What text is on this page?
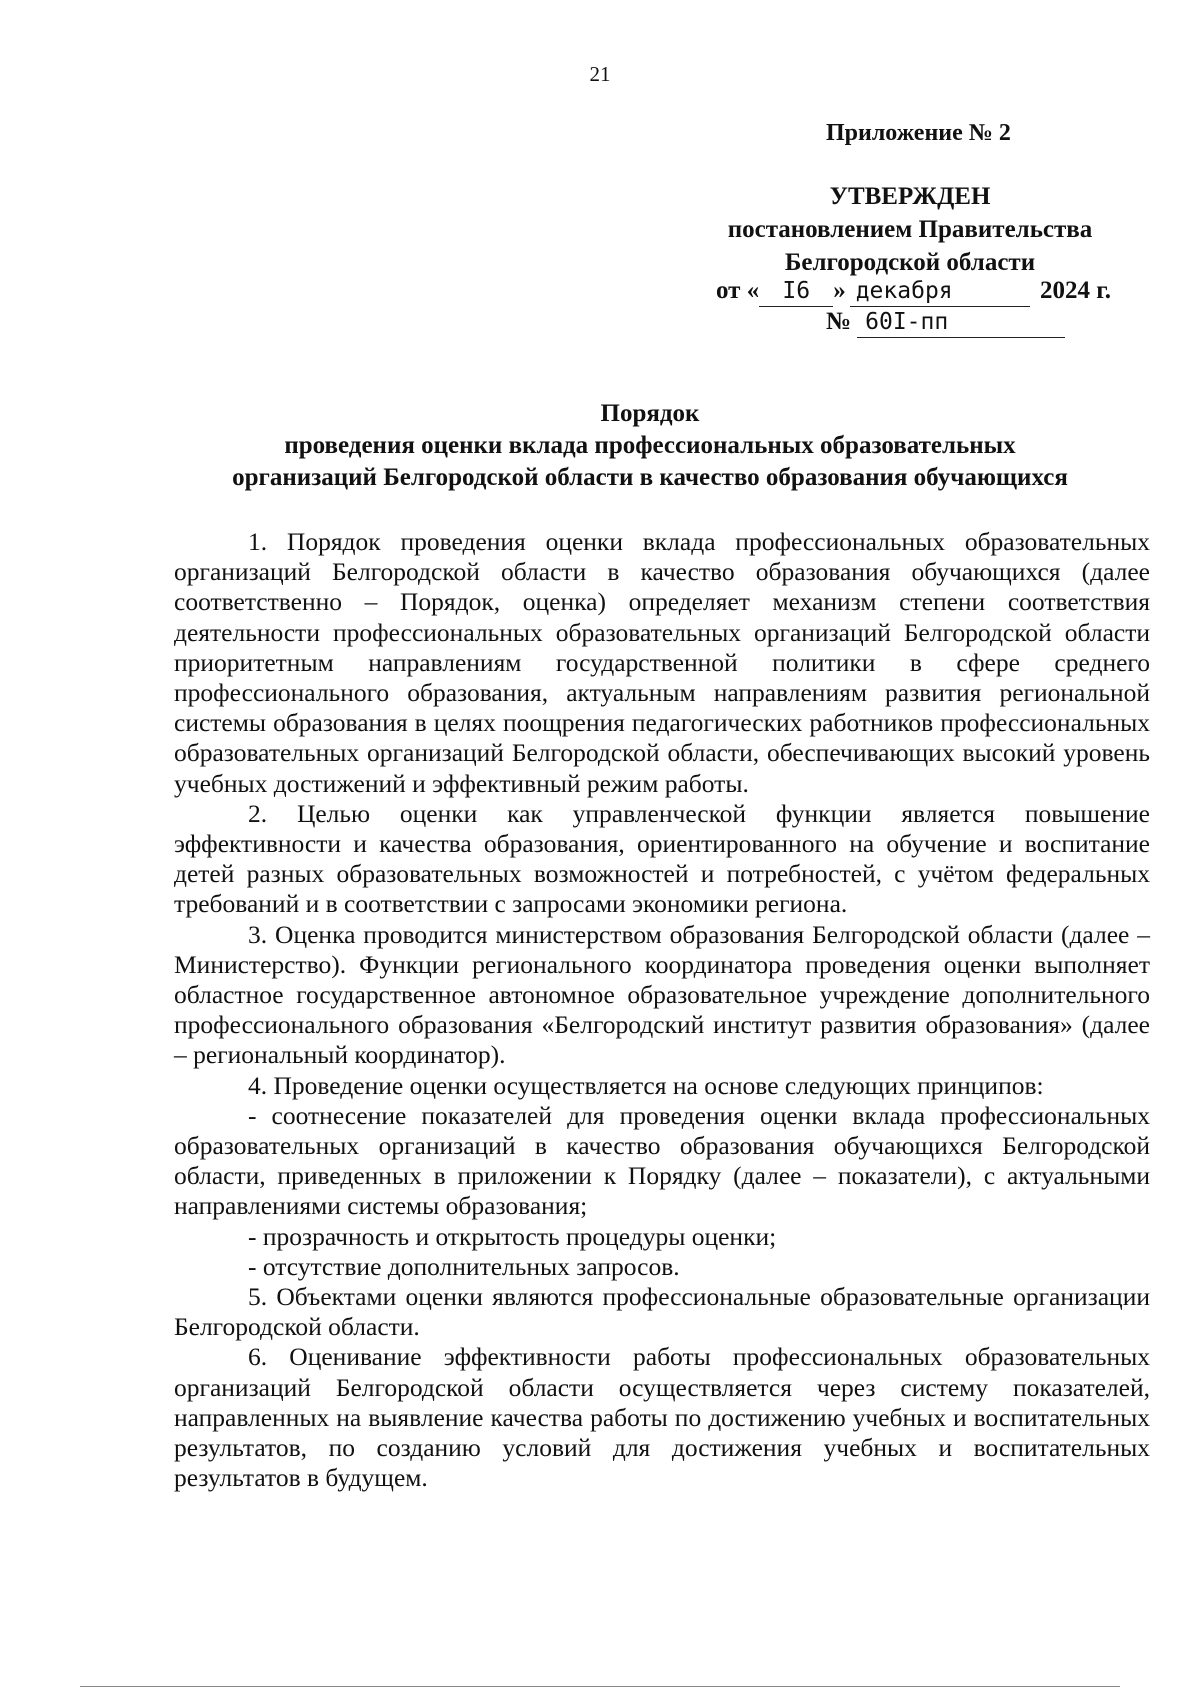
21
Приложение № 2
УТВЕРЖДЕН
постановлением Правительства
Белгородской области
от « I6 » декабря	2024 г.
№ 60I-пп
Порядок
проведения оценки вклада профессиональных образовательных
организаций Белгородской области в качество образования обучающихся

1. Порядок проведения оценки вклада профессиональных образовательных организаций Белгородской области в качество образования обучающихся (далее соответственно – Порядок, оценка) определяет механизм степени соответствия деятельности профессиональных образовательных организаций Белгородской области приоритетным направлениям государственной политики в сфере среднего профессионального образования, актуальным направлениям развития региональной системы образования в целях поощрения педагогических работников профессиональных образовательных организаций Белгородской области, обеспечивающих высокий уровень учебных достижений и эффективный режим работы.

2. Целью оценки как управленческой функции является повышение эффективности и качества образования, ориентированного на обучение и воспитание детей разных образовательных возможностей и потребностей, с учётом федеральных требований и в соответствии с запросами экономики региона.

3. Оценка проводится министерством образования Белгородской области (далее – Министерство). Функции регионального координатора проведения оценки выполняет областное государственное автономное образовательное учреждение дополнительного профессионального образования «Белгородский институт развития образования» (далее – региональный координатор).

4. Проведение оценки осуществляется на основе следующих принципов:

- соотнесение показателей для проведения оценки вклада профессиональных образовательных организаций в качество образования обучающихся Белгородской области, приведенных в приложении к Порядку (далее – показатели), с актуальными направлениями системы образования;

- прозрачность и открытость процедуры оценки;

- отсутствие дополнительных запросов.

5. Объектами оценки являются профессиональные образовательные организации Белгородской области.

6. Оценивание эффективности работы профессиональных образовательных организаций Белгородской области осуществляется через систему показателей, направленных на выявление качества работы по достижению учебных и воспитательных результатов, по созданию условий для достижения учебных и воспитательных результатов в будущем.
